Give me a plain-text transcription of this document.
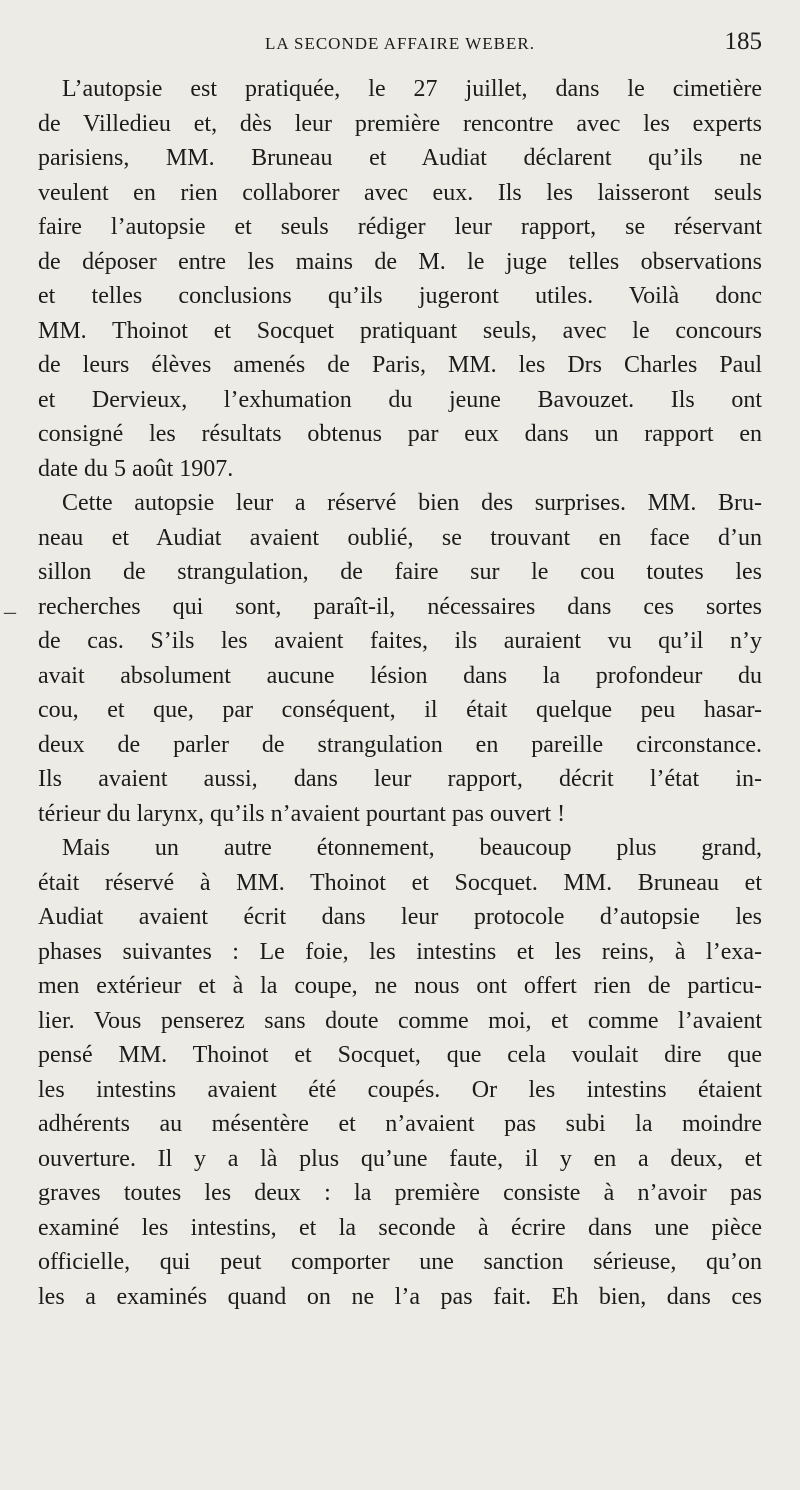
LA SECONDE AFFAIRE WEBER.	185
–
L’autopsie est pratiquée, le 27 juillet, dans le cimetière
de Villedieu et, dès leur première rencontre avec les experts
parisiens, MM. Bruneau et Audiat déclarent qu’ils ne
veulent en rien collaborer avec eux. Ils les laisseront seuls
faire l’autopsie et seuls rédiger leur rapport, se réservant
de déposer entre les mains de M. le juge telles observations
et telles conclusions qu’ils jugeront utiles. Voilà donc
MM. Thoinot et Socquet pratiquant seuls, avec le concours
de leurs élèves amenés de Paris, MM. les Drs Charles Paul
et Dervieux, l’exhumation du jeune Bavouzet. Ils ont
consigné les résultats obtenus par eux dans un rapport en
date du 5 août 1907.
Cette autopsie leur a réservé bien des surprises. MM. Bru-
neau et Audiat avaient oublié, se trouvant en face d’un
sillon de strangulation, de faire sur le cou toutes les
recherches qui sont, paraît-il, nécessaires dans ces sortes
de cas. S’ils les avaient faites, ils auraient vu qu’il n’y
avait absolument aucune lésion dans la profondeur du
cou, et que, par conséquent, il était quelque peu hasar-
deux de parler de strangulation en pareille circonstance.
Ils avaient aussi, dans leur rapport, décrit l’état in-
térieur du larynx, qu’ils n’avaient pourtant pas ouvert !
Mais un autre étonnement, beaucoup plus grand,
était réservé à MM. Thoinot et Socquet. MM. Bruneau et
Audiat avaient écrit dans leur protocole d’autopsie les
phases suivantes : Le foie, les intestins et les reins, à l’exa-
men extérieur et à la coupe, ne nous ont offert rien de particu-
lier. Vous penserez sans doute comme moi, et comme l’avaient
pensé MM. Thoinot et Socquet, que cela voulait dire que
les intestins avaient été coupés. Or les intestins étaient
adhérents au mésentère et n’avaient pas subi la moindre
ouverture. Il y a là plus qu’une faute, il y en a deux, et
graves toutes les deux : la première consiste à n’avoir pas
examiné les intestins, et la seconde à écrire dans une pièce
officielle, qui peut comporter une sanction sérieuse, qu’on
les a examinés quand on ne l’a pas fait. Eh bien, dans ces
